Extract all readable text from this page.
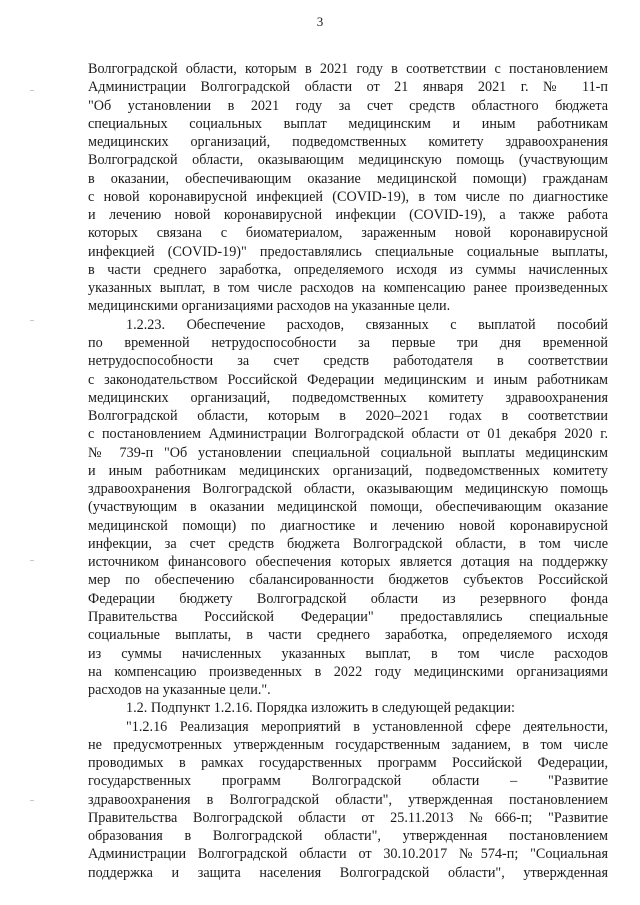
3
Волгоградской области, которым в 2021 году в соответствии с постановлением
Администрации Волгоградской области от 21 января 2021 г. № 11-п
"Об установлении в 2021 году за счет средств областного бюджета
специальных социальных выплат медицинским и иным работникам
медицинских организаций, подведомственных комитету здравоохранения
Волгоградской области, оказывающим медицинскую помощь (участвующим
в оказании, обеспечивающим оказание медицинской помощи) гражданам
с новой коронавирусной инфекцией (COVID-19), в том числе по диагностике
и лечению новой коронавирусной инфекции (COVID-19), а также работа
которых связана с биоматериалом, зараженным новой коронавирусной
инфекцией (COVID-19)" предоставлялись специальные социальные выплаты,
в части среднего заработка, определяемого исходя из суммы начисленных
указанных выплат, в том числе расходов на компенсацию ранее произведенных
медицинскими организациями расходов на указанные цели.
1.2.23. Обеспечение расходов, связанных с выплатой пособий
по временной нетрудоспособности за первые три дня временной
нетрудоспособности за счет средств работодателя в соответствии
с законодательством Российской Федерации медицинским и иным работникам
медицинских организаций, подведомственных комитету здравоохранения
Волгоградской области, которым в 2020–2021 годах в соответствии
с постановлением Администрации Волгоградской области от 01 декабря 2020 г.
№ 739-п "Об установлении специальной социальной выплаты медицинским
и иным работникам медицинских организаций, подведомственных комитету
здравоохранения Волгоградской области, оказывающим медицинскую помощь
(участвующим в оказании медицинской помощи, обеспечивающим оказание
медицинской помощи) по диагностике и лечению новой коронавирусной
инфекции, за счет средств бюджета Волгоградской области, в том числе
источником финансового обеспечения которых является дотация на поддержку
мер по обеспечению сбалансированности бюджетов субъектов Российской
Федерации бюджету Волгоградской области из резервного фонда
Правительства Российской Федерации" предоставлялись специальные
социальные выплаты, в части среднего заработка, определяемого исходя
из суммы начисленных указанных выплат, в том числе расходов
на компенсацию произведенных в 2022 году медицинскими организациями
расходов на указанные цели.".
1.2. Подпункт 1.2.16. Порядка изложить в следующей редакции:
"1.2.16 Реализация мероприятий в установленной сфере деятельности,
не предусмотренных утвержденным государственным заданием, в том числе
проводимых в рамках государственных программ Российской Федерации,
государственных программ Волгоградской области – "Развитие
здравоохранения в Волгоградской области", утвержденная постановлением
Правительства Волгоградской области от 25.11.2013 №666-п; "Развитие
образования в Волгоградской области", утвержденная постановлением
Администрации Волгоградской области от 30.10.2017 №574-п; "Социальная
поддержка и защита населения Волгоградской области", утвержденная
